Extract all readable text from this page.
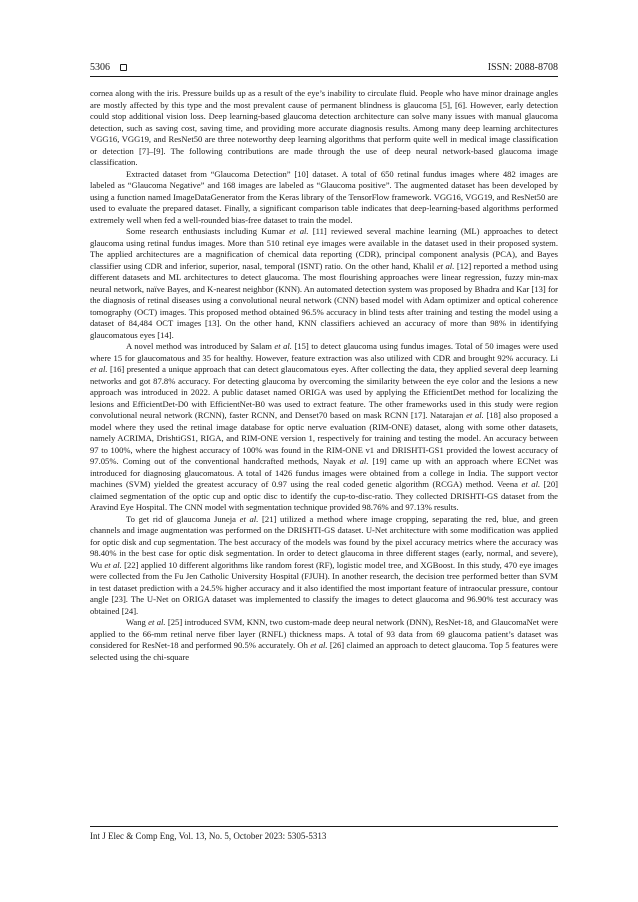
5306	ISSN: 2088-8708

cornea along with the iris. Pressure builds up as a result of the eye’s inability to circulate fluid. People who have minor drainage angles are mostly affected by this type and the most prevalent cause of permanent blindness is glaucoma [5], [6]. However, early detection could stop additional vision loss. Deep learning-based glaucoma detection architecture can solve many issues with manual glaucoma detection, such as saving cost, saving time, and providing more accurate diagnosis results. Among many deep learning architectures VGG16, VGG19, and ResNet50 are three noteworthy deep learning algorithms that perform quite well in medical image classification or detection [7]–[9]. The following contributions are made through the use of deep neural network-based glaucoma image classification.

Extracted dataset from “Glaucoma Detection” [10] dataset. A total of 650 retinal fundus images where 482 images are labeled as “Glaucoma Negative” and 168 images are labeled as “Glaucoma positive”. The augmented dataset has been developed by using a function named ImageDataGenerator from the Keras library of the TensorFlow framework. VGG16, VGG19, and ResNet50 are used to evaluate the prepared dataset. Finally, a significant comparison table indicates that deep-learning-based algorithms performed extremely well when fed a well-rounded bias-free dataset to train the model.

Some research enthusiasts including Kumar et al. [11] reviewed several machine learning (ML) approaches to detect glaucoma using retinal fundus images. More than 510 retinal eye images were available in the dataset used in their proposed system. The applied architectures are a magnification of chemical data reporting (CDR), principal component analysis (PCA), and Bayes classifier using CDR and inferior, superior, nasal, temporal (ISNT) ratio. On the other hand, Khalil et al. [12] reported a method using different datasets and ML architectures to detect glaucoma. The most flourishing approaches were linear regression, fuzzy min-max neural network, naïve Bayes, and K-nearest neighbor (KNN). An automated detection system was proposed by Bhadra and Kar [13] for the diagnosis of retinal diseases using a convolutional neural network (CNN) based model with Adam optimizer and optical coherence tomography (OCT) images. This proposed method obtained 96.5% accuracy in blind tests after training and testing the model using a dataset of 84,484 OCT images [13]. On the other hand, KNN classifiers achieved an accuracy of more than 98% in identifying glaucomatous eyes [14].

A novel method was introduced by Salam et al. [15] to detect glaucoma using fundus images. Total of 50 images were used where 15 for glaucomatous and 35 for healthy. However, feature extraction was also utilized with CDR and brought 92% accuracy. Li et al. [16] presented a unique approach that can detect glaucomatous eyes. After collecting the data, they applied several deep learning networks and got 87.8% accuracy. For detecting glaucoma by overcoming the similarity between the eye color and the lesions a new approach was introduced in 2022. A public dataset named ORIGA was used by applying the EfficientDet method for localizing the lesions and EfficientDet-D0 with EfficientNet-B0 was used to extract feature. The other frameworks used in this study were region convolutional neural network (RCNN), faster RCNN, and Denset70 based on mask RCNN [17]. Natarajan et al. [18] also proposed a model where they used the retinal image database for optic nerve evaluation (RIM-ONE) dataset, along with some other datasets, namely ACRIMA, DrishtiGS1, RIGA, and RIM-ONE version 1, respectively for training and testing the model. An accuracy between 97 to 100%, where the highest accuracy of 100% was found in the RIM-ONE v1 and DRISHTI-GS1 provided the lowest accuracy of 97.05%. Coming out of the conventional handcrafted methods, Nayak et al. [19] came up with an approach where ECNet was introduced for diagnosing glaucomatous. A total of 1426 fundus images were obtained from a college in India. The support vector machines (SVM) yielded the greatest accuracy of 0.97 using the real coded genetic algorithm (RCGA) method. Veena et al. [20] claimed segmentation of the optic cup and optic disc to identify the cup-to-disc-ratio. They collected DRISHTI-GS dataset from the Aravind Eye Hospital. The CNN model with segmentation technique provided 98.76% and 97.13% results.

To get rid of glaucoma Juneja et al. [21] utilized a method where image cropping, separating the red, blue, and green channels and image augmentation was performed on the DRISHTI-GS dataset. U-Net architecture with some modification was applied for optic disk and cup segmentation. The best accuracy of the models was found by the pixel accuracy metrics where the accuracy was 98.40% in the best case for optic disk segmentation. In order to detect glaucoma in three different stages (early, normal, and severe), Wu et al. [22] applied 10 different algorithms like random forest (RF), logistic model tree, and XGBoost. In this study, 470 eye images were collected from the Fu Jen Catholic University Hospital (FJUH). In another research, the decision tree performed better than SVM in test dataset prediction with a 24.5% higher accuracy and it also identified the most important feature of intraocular pressure, contour angle [23]. The U-Net on ORIGA dataset was implemented to classify the images to detect glaucoma and 96.90% test accuracy was obtained [24].

Wang et al. [25] introduced SVM, KNN, two custom-made deep neural network (DNN), ResNet-18, and GlaucomaNet were applied to the 66-mm retinal nerve fiber layer (RNFL) thickness maps. A total of 93 data from 69 glaucoma patient’s dataset was considered for ResNet-18 and performed 90.5% accurately. Oh et al. [26] claimed an approach to detect glaucoma. Top 5 features were selected using the chi-square

Int J Elec & Comp Eng, Vol. 13, No. 5, October 2023: 5305-5313
